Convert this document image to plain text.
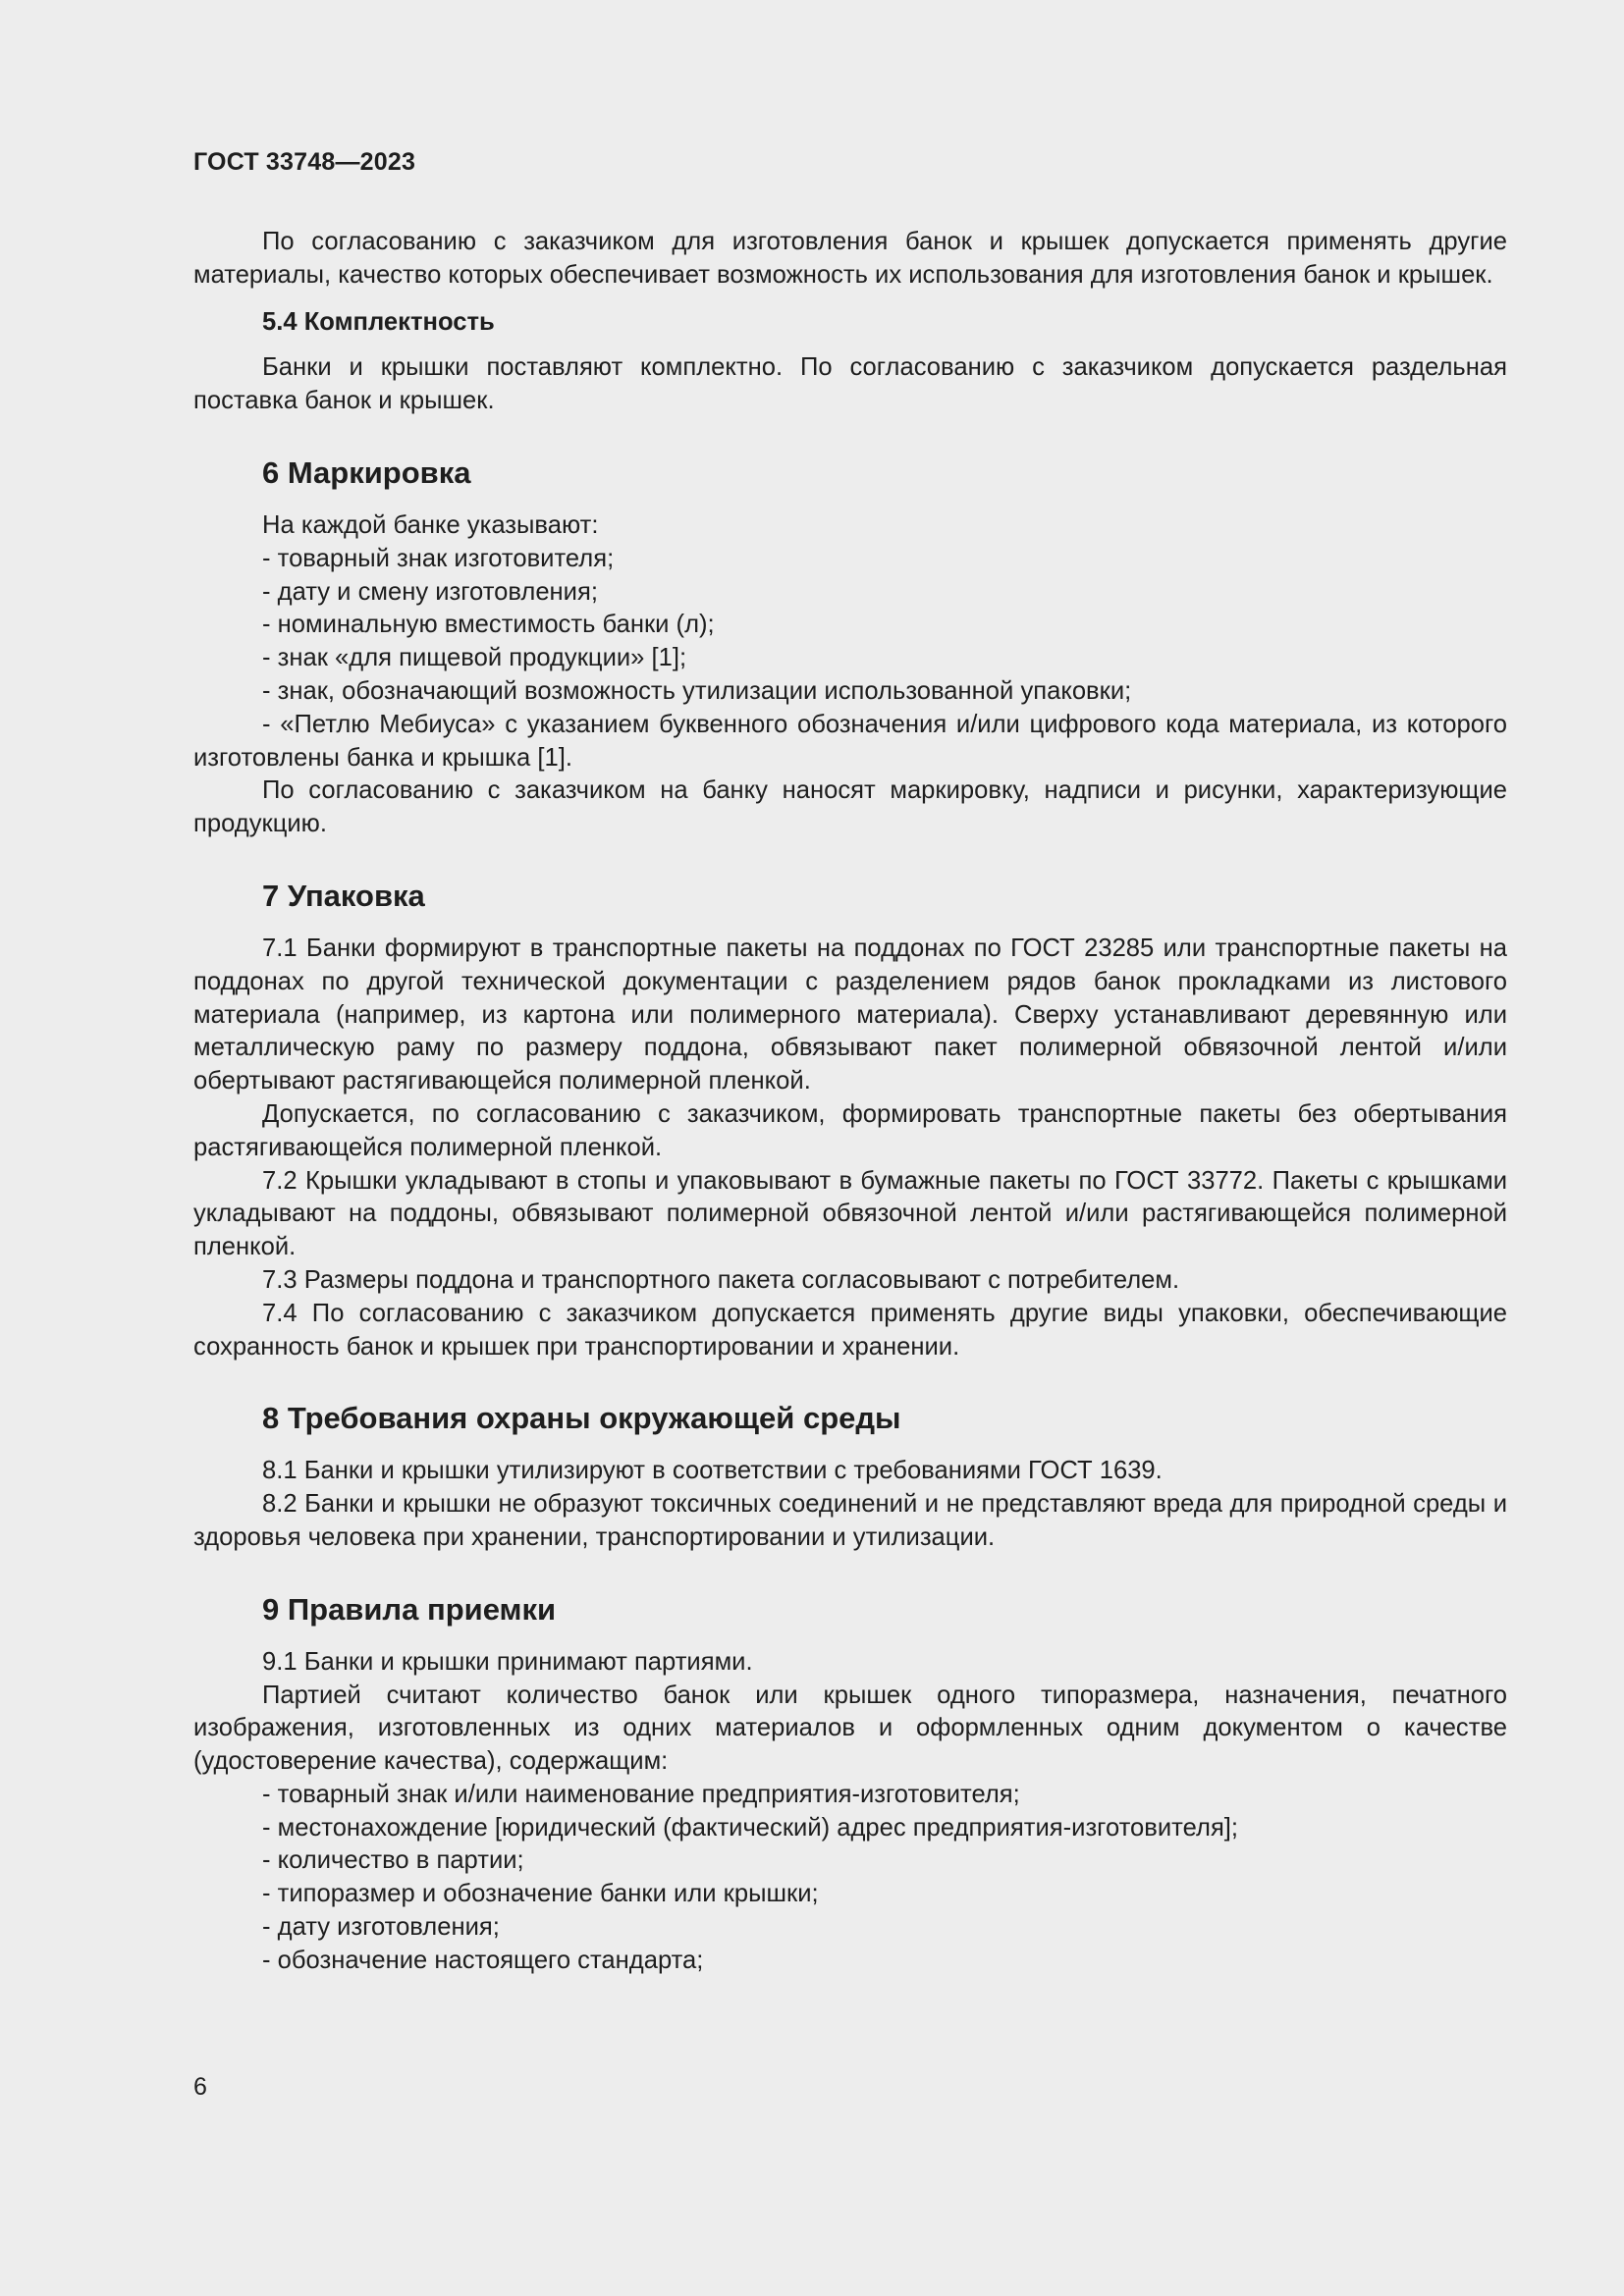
ГОСТ 33748—2023

По согласованию с заказчиком для изготовления банок и крышек допускается применять другие материалы, качество которых обеспечивает возможность их использования для изготовления банок и крышек.

5.4 Комплектность

Банки и крышки поставляют комплектно. По согласованию с заказчиком допускается раздельная поставка банок и крышек.

6 Маркировка

На каждой банке указывают:

- товарный знак изготовителя;

- дату и смену изготовления;

- номинальную вместимость банки (л);

- знак «для пищевой продукции» [1];

- знак, обозначающий возможность утилизации использованной упаковки;

- «Петлю Мебиуса» с указанием буквенного обозначения и/или цифрового кода материала, из которого изготовлены банка и крышка [1].

По согласованию с заказчиком на банку наносят маркировку, надписи и рисунки, характеризующие продукцию.

7 Упаковка

7.1 Банки формируют в транспортные пакеты на поддонах по ГОСТ 23285 или транспортные пакеты на поддонах по другой технической документации с разделением рядов банок прокладками из листового материала (например, из картона или полимерного материала). Сверху устанавливают деревянную или металлическую раму по размеру поддона, обвязывают пакет полимерной обвязочной лентой и/или обертывают растягивающейся полимерной пленкой.

Допускается, по согласованию с заказчиком, формировать транспортные пакеты без обертывания растягивающейся полимерной пленкой.

7.2 Крышки укладывают в стопы и упаковывают в бумажные пакеты по ГОСТ 33772. Пакеты с крышками укладывают на поддоны, обвязывают полимерной обвязочной лентой и/или растягивающейся полимерной пленкой.

7.3 Размеры поддона и транспортного пакета согласовывают с потребителем.

7.4 По согласованию с заказчиком допускается применять другие виды упаковки, обеспечивающие сохранность банок и крышек при транспортировании и хранении.

8 Требования охраны окружающей среды

8.1 Банки и крышки утилизируют в соответствии с требованиями ГОСТ 1639.

8.2 Банки и крышки не образуют токсичных соединений и не представляют вреда для природной среды и здоровья человека при хранении, транспортировании и утилизации.

9 Правила приемки

9.1 Банки и крышки принимают партиями.

Партией считают количество банок или крышек одного типоразмера, назначения, печатного изображения, изготовленных из одних материалов и оформленных одним документом о качестве (удостоверение качества), содержащим:

- товарный знак и/или наименование предприятия-изготовителя;

- местонахождение [юридический (фактический) адрес предприятия-изготовителя];

- количество в партии;

- типоразмер и обозначение банки или крышки;

- дату изготовления;

- обозначение настоящего стандарта;

6
